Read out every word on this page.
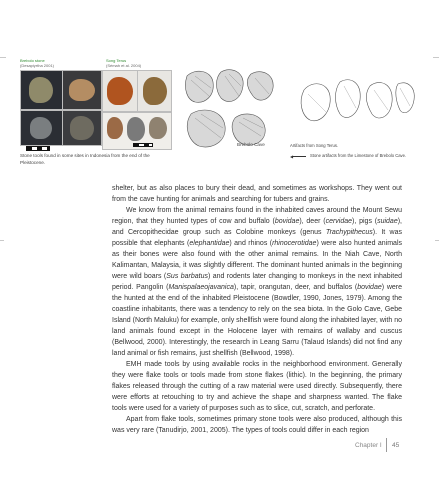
Brebolo stone
(Desapiyrtha 2001)
Song Terus
(Sémah et al. 2004)
Stone tools found in some sites in Indonesia from the end of the Pleistocene.
Brebolo Cave	Artifacts from Song Terus.
◀	Stone artifacts from the Limestone of Brebolo Cave.

shelter, but as also places to bury their dead, and sometimes as workshops. They went out from the cave hunting for animals and searching for tubers and grains.

We know from the animal remains found in the inhabited caves around the Mount Sewu region, that they hunted types of cow and buffalo (bovidae), deer (cervidae), pigs (suidae), and Cercopithecidae group such as Colobine monkeys (genus Trachypithecus). It was possible that elephants (elephantidae) and rhinos (rhinocerotidae) were also hunted animals as their bones were also found with the other animal remains. In the Niah Cave, North Kalimantan, Malaysia, it was slightly different. The dominant hunted animals in the beginning were wild boars (Sus barbatus) and rodents later changing to monkeys in the next inhabited period. Pangolin (Manispalaeojavanica), tapir, orangutan, deer, and buffalos (bovidae) were the hunted at the end of the inhabited Pleistocene (Bowdler, 1990, Jones, 1979). Among the coastline inhabitants, there was a tendency to rely on the sea biota. In the Golo Cave, Gebe Island (North Maluku) for example, only shellfish were found along the inhabited layer, with no land animals found except in the Holocene layer with remains of wallaby and cuscus (Bellwood, 2000). Interestingly, the research in Leang Sarru (Talaud Islands) did not find any land animal or fish remains, just shellfish (Bellwood, 1998).

EMH made tools by using available rocks in the neighborhood environment. Generally they were flake tools or tools made from stone flakes (lithic). In the beginning, the primary flakes released through the cutting of a raw material were used directly. Subsequently, there were efforts at retouching to try and achieve the shape and sharpness wanted. The flake tools were used for a variety of purposes such as to slice, cut, scratch, and perforate.

Apart from flake tools, sometimes primary stone tools were also produced, although this was very rare (Tanudirjo, 2001, 2005). The types of tools could differ in each region

Chapter I 45
